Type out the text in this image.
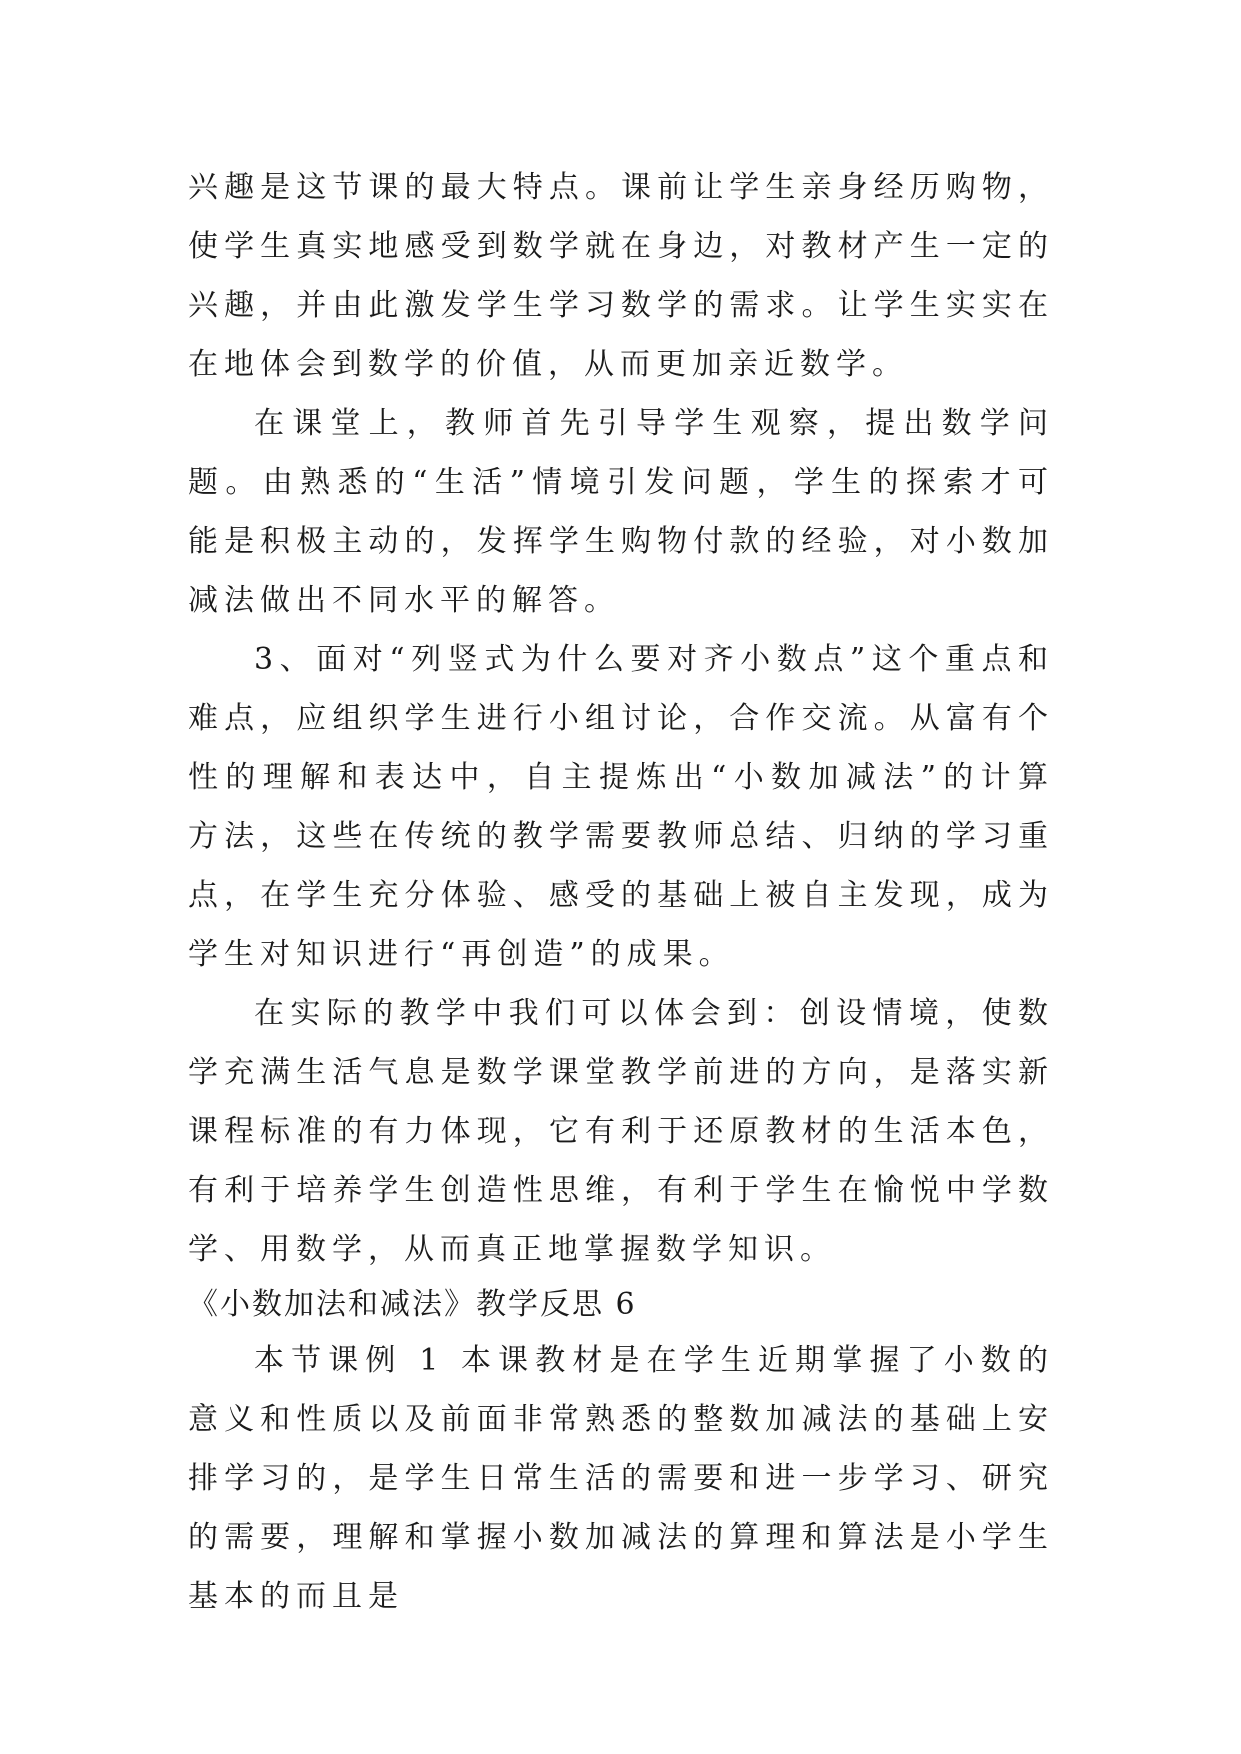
兴趣是这节课的最大特点。课前让学生亲身经历购物，使学生真实地感受到数学就在身边，对教材产生一定的兴趣，并由此激发学生学习数学的需求。让学生实实在在地体会到数学的价值，从而更加亲近数学。

在课堂上，教师首先引导学生观察，提出数学问题。由熟悉的“生活”情境引发问题，学生的探索才可能是积极主动的，发挥学生购物付款的经验，对小数加减法做出不同水平的解答。

3、面对“列竖式为什么要对齐小数点”这个重点和难点，应组织学生进行小组讨论，合作交流。从富有个性的理解和表达中，自主提炼出“小数加减法”的计算方法，这些在传统的教学需要教师总结、归纳的学习重点，在学生充分体验、感受的基础上被自主发现，成为学生对知识进行“再创造”的成果。

在实际的教学中我们可以体会到：创设情境，使数学充满生活气息是数学课堂教学前进的方向，是落实新课程标准的有力体现，它有利于还原教材的生活本色，有利于培养学生创造性思维，有利于学生在愉悦中学数学、用数学，从而真正地掌握数学知识。

《小数加法和减法》教学反思 6

本节课例 1 本课教材是在学生近期掌握了小数的意义和性质以及前面非常熟悉的整数加减法的基础上安排学习的，是学生日常生活的需要和进一步学习、研究的需要，理解和掌握小数加减法的算理和算法是小学生基本的而且是
